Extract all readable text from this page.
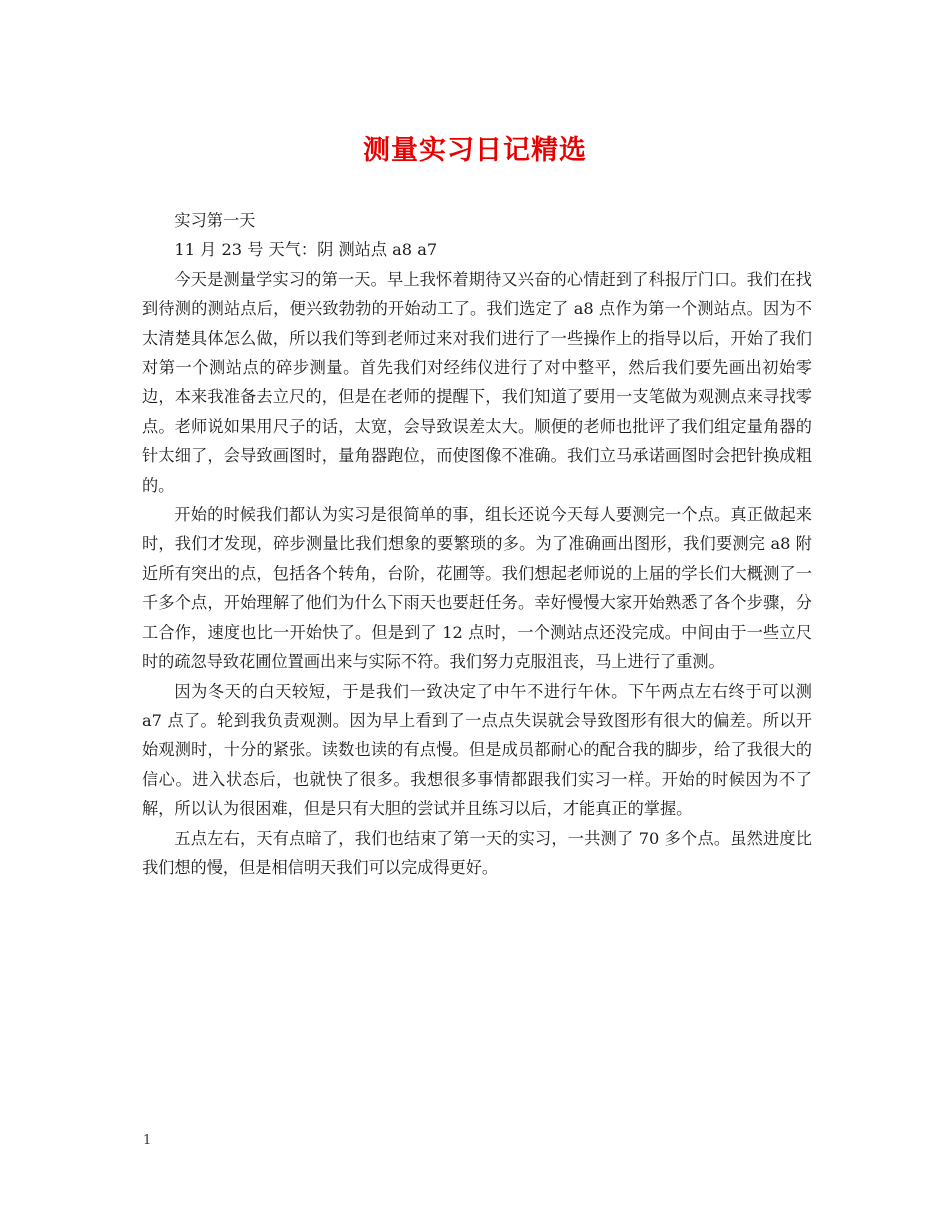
测量实习日记精选

实习第一天

11 月 23 号 天气：阴 测站点 a8 a7

今天是测量学实习的第一天。早上我怀着期待又兴奋的心情赶到了科报厅门口。我们在找到待测的测站点后，便兴致勃勃的开始动工了。我们选定了 a8 点作为第一个测站点。因为不太清楚具体怎么做，所以我们等到老师过来对我们进行了一些操作上的指导以后，开始了我们对第一个测站点的碎步测量。首先我们对经纬仪进行了对中整平，然后我们要先画出初始零边，本来我准备去立尺的，但是在老师的提醒下，我们知道了要用一支笔做为观测点来寻找零点。老师说如果用尺子的话，太宽，会导致误差太大。顺便的老师也批评了我们组定量角器的针太细了，会导致画图时，量角器跑位，而使图像不准确。我们立马承诺画图时会把针换成粗的。

开始的时候我们都认为实习是很简单的事，组长还说今天每人要测完一个点。真正做起来时，我们才发现，碎步测量比我们想象的要繁琐的多。为了准确画出图形，我们要测完 a8 附近所有突出的点，包括各个转角，台阶，花圃等。我们想起老师说的上届的学长们大概测了一千多个点，开始理解了他们为什么下雨天也要赶任务。幸好慢慢大家开始熟悉了各个步骤，分工合作，速度也比一开始快了。但是到了 12 点时，一个测站点还没完成。中间由于一些立尺时的疏忽导致花圃位置画出来与实际不符。我们努力克服沮丧，马上进行了重测。

因为冬天的白天较短，于是我们一致决定了中午不进行午休。下午两点左右终于可以测 a7 点了。轮到我负责观测。因为早上看到了一点点失误就会导致图形有很大的偏差。所以开始观测时，十分的紧张。读数也读的有点慢。但是成员都耐心的配合我的脚步，给了我很大的信心。进入状态后，也就快了很多。我想很多事情都跟我们实习一样。开始的时候因为不了解，所以认为很困难，但是只有大胆的尝试并且练习以后，才能真正的掌握。

五点左右，天有点暗了，我们也结束了第一天的实习，一共测了 70 多个点。虽然进度比我们想的慢，但是相信明天我们可以完成得更好。

1
